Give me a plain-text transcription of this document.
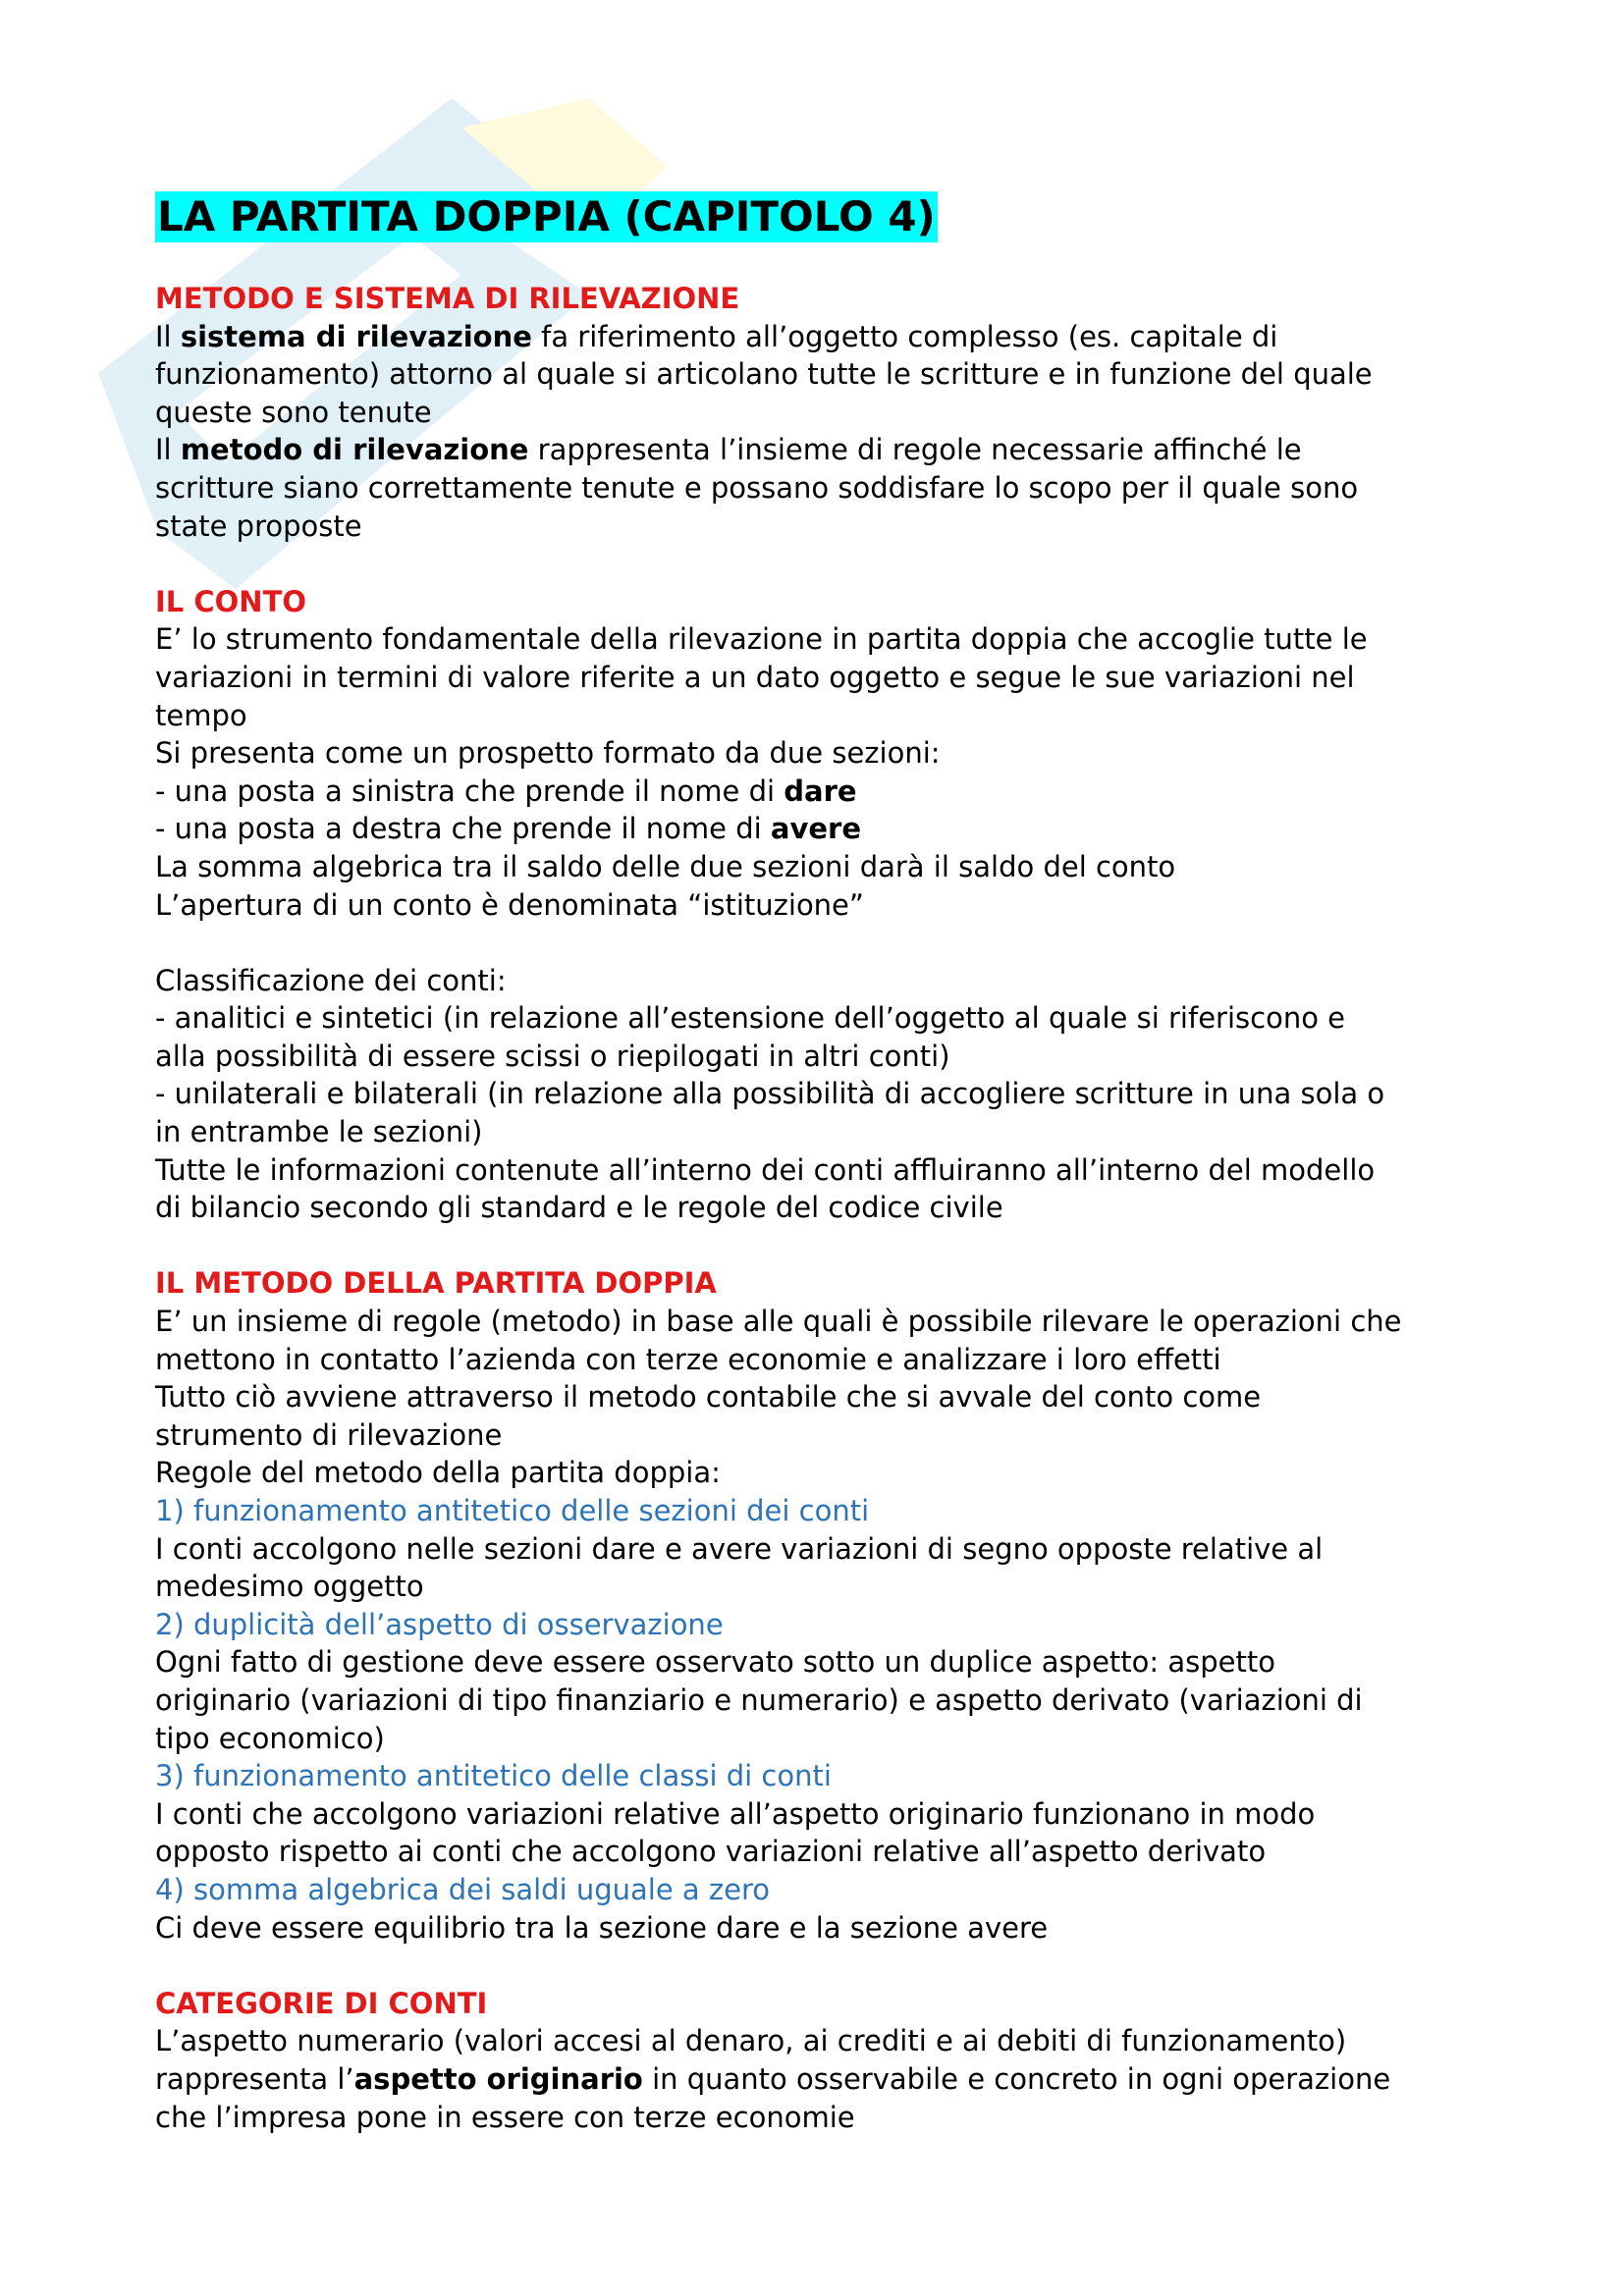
LA PARTITA DOPPIA (CAPITOLO 4)
METODO E SISTEMA DI RILEVAZIONE
Il sistema di rilevazione fa riferimento all’oggetto complesso (es. capitale di
funzionamento) attorno al quale si articolano tutte le scritture e in funzione del quale
queste sono tenute
Il metodo di rilevazione rappresenta l’insieme di regole necessarie affinché le
scritture siano correttamente tenute e possano soddisfare lo scopo per il quale sono
state proposte
IL CONTO
E’ lo strumento fondamentale della rilevazione in partita doppia che accoglie tutte le
variazioni in termini di valore riferite a un dato oggetto e segue le sue variazioni nel
tempo
Si presenta come un prospetto formato da due sezioni:
- una posta a sinistra che prende il nome di dare
- una posta a destra che prende il nome di avere
La somma algebrica tra il saldo delle due sezioni darà il saldo del conto
L’apertura di un conto è denominata “istituzione”
Classificazione dei conti:
- analitici e sintetici (in relazione all’estensione dell’oggetto al quale si riferiscono e
alla possibilità di essere scissi o riepilogati in altri conti)
- unilaterali e bilaterali (in relazione alla possibilità di accogliere scritture in una sola o
in entrambe le sezioni)
Tutte le informazioni contenute all’interno dei conti affluiranno all’interno del modello
di bilancio secondo gli standard e le regole del codice civile
IL METODO DELLA PARTITA DOPPIA
E’ un insieme di regole (metodo) in base alle quali è possibile rilevare le operazioni che
mettono in contatto l’azienda con terze economie e analizzare i loro effetti
Tutto ciò avviene attraverso il metodo contabile che si avvale del conto come
strumento di rilevazione
Regole del metodo della partita doppia:
1) funzionamento antitetico delle sezioni dei conti
I conti accolgono nelle sezioni dare e avere variazioni di segno opposte relative al
medesimo oggetto
2) duplicità dell’aspetto di osservazione
Ogni fatto di gestione deve essere osservato sotto un duplice aspetto: aspetto
originario (variazioni di tipo finanziario e numerario) e aspetto derivato (variazioni di
tipo economico)
3) funzionamento antitetico delle classi di conti
I conti che accolgono variazioni relative all’aspetto originario funzionano in modo
opposto rispetto ai conti che accolgono variazioni relative all’aspetto derivato
4) somma algebrica dei saldi uguale a zero
Ci deve essere equilibrio tra la sezione dare e la sezione avere
CATEGORIE DI CONTI
L’aspetto numerario (valori accesi al denaro, ai crediti e ai debiti di funzionamento)
rappresenta l’aspetto originario in quanto osservabile e concreto in ogni operazione
che l’impresa pone in essere con terze economie
